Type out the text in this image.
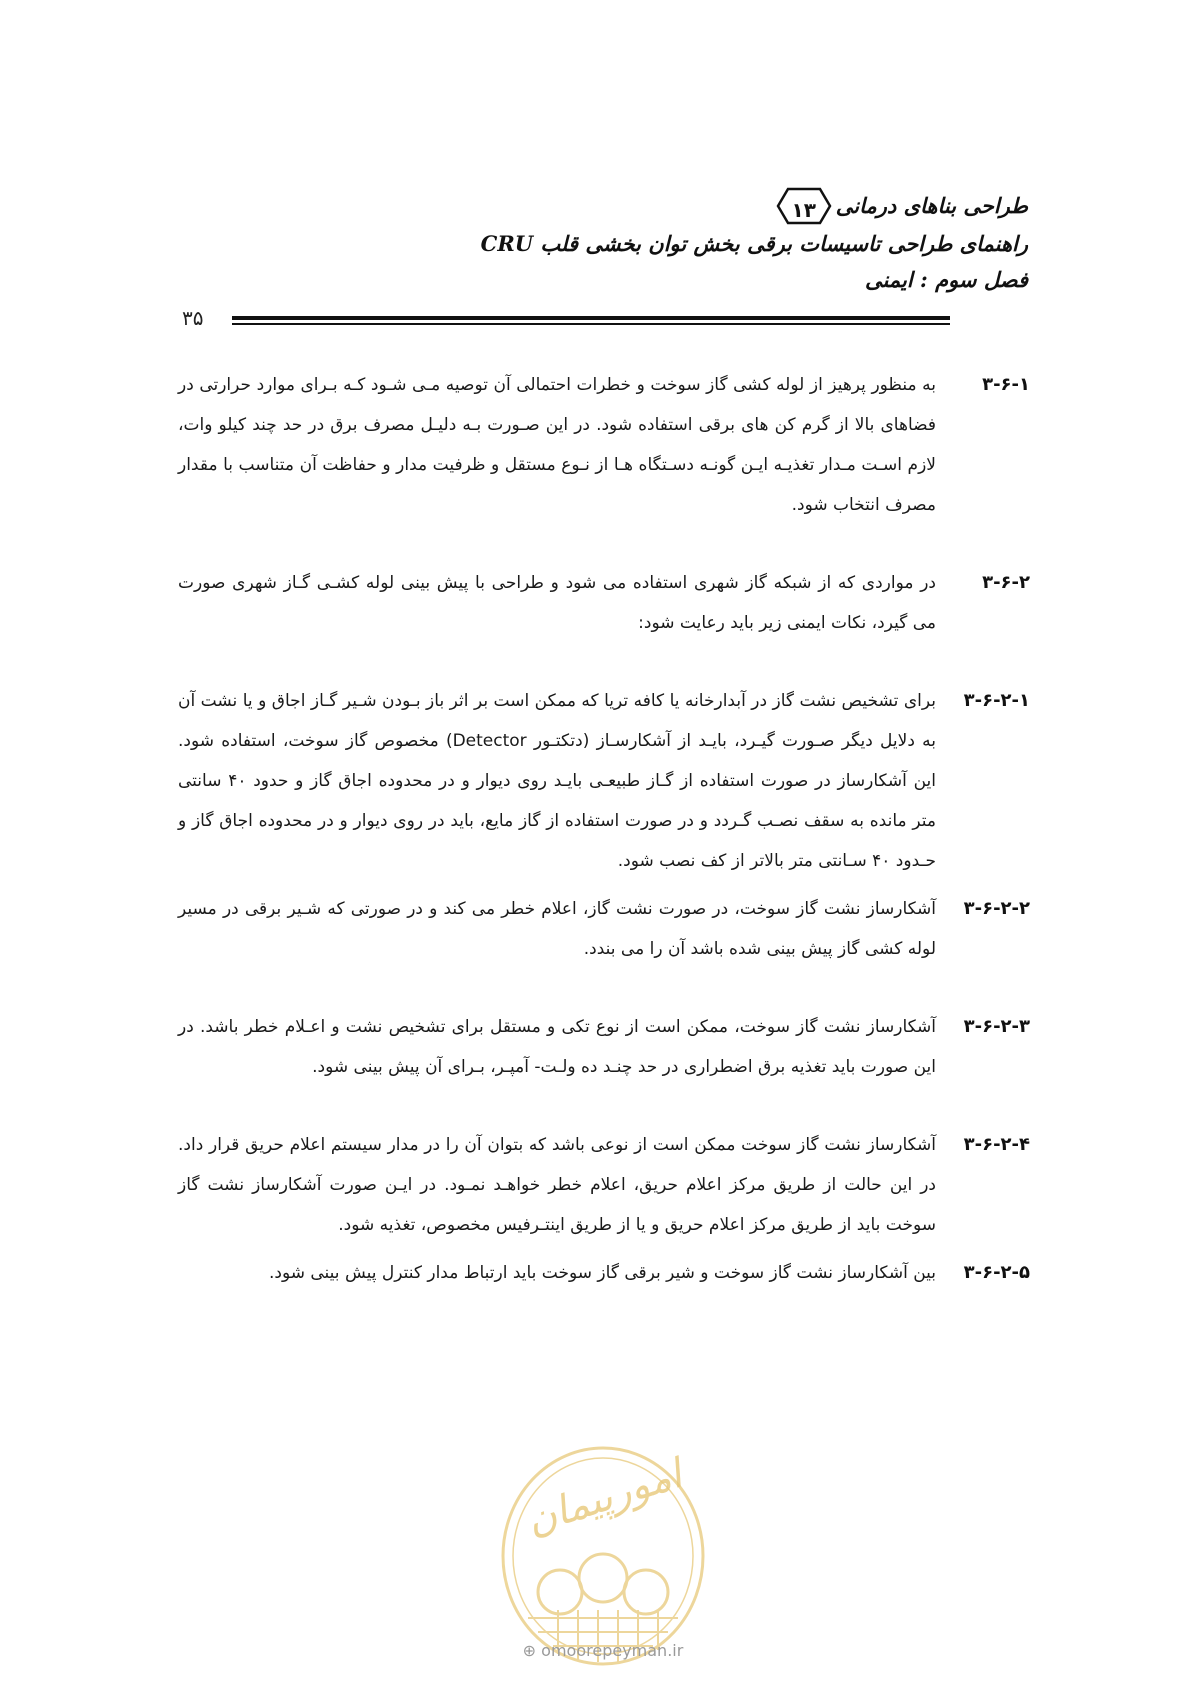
طراحی بناهای درمانی
۱۳
راهنمای طراحی تاسیسات برقی بخش توان بخشی قلب CRU
فصل سوم : ایمنی
۳۵
۳-۶-۱
به منظور پرهیز از لوله کشی گاز سوخت و خطرات احتمالی آن توصیه مـی شـود کـه بـرای موارد حرارتی در فضاهای بالا از گرم کن های برقی استفاده شود. در این صـورت بـه دلیـل مصرف برق در حد چند کیلو وات، لازم اسـت مـدار تغذیـه ایـن گونـه دسـتگاه هـا از نـوع مستقل و ظرفیت مدار و حفاظت آن متناسب با مقدار مصرف انتخاب شود.
۳-۶-۲
در مواردی که از شبکه گاز شهری استفاده می شود و طراحی با پیش بینی لوله کشـی گـاز شهری صورت می گیرد، نکات ایمنی زیر باید رعایت شود:
۳-۶-۲-۱
برای تشخیص نشت گاز در آبدارخانه یا کافه تریا که ممکن است بر اثر باز بـودن شـیر گـاز اجاق و یا نشت آن به دلایل دیگر صـورت گیـرد، بایـد از آشکارسـاز (دتکتـور Detector) مخصوص گاز سوخت، استفاده شود. این آشکارساز در صورت استفاده از گـاز طبیعـی بایـد روی دیوار و در محدوده اجاق گاز و حدود ۴۰ سانتی متر مانده به سقف نصـب گـردد و در صورت استفاده از گاز مایع، باید در روی دیوار و در محدوده اجاق گاز و حـدود ۴۰ سـانتی متر بالاتر از کف نصب شود.
۳-۶-۲-۲
آشکارساز نشت گاز سوخت، در صورت نشت گاز، اعلام خطر می کند و در صورتی که شـیر برقی در مسیر لوله کشی گاز پیش بینی شده باشد آن را می بندد.
۳-۶-۲-۳
آشکارساز نشت گاز سوخت، ممکن است از نوع تکی و مستقل برای تشخیص نشت و اعـلام خطر باشد. در این صورت باید تغذیه برق اضطراری در حد چنـد ده ولـت- آمپـر، بـرای آن پیش بینی شود.
۳-۶-۲-۴
آشکارساز نشت گاز سوخت ممکن است از نوعی باشد که بتوان آن را در مدار سیستم اعلام حریق قرار داد. در این حالت از طریق مرکز اعلام حریق، اعلام خطر خواهـد نمـود. در ایـن صورت آشکارساز نشت گاز سوخت باید از طریق مرکز اعلام حریق و یا از طریق اینتـرفیس مخصوص، تغذیه شود.
۳-۶-۲-۵
بین آشکارساز نشت گاز سوخت و شیر برقی گاز سوخت باید ارتباط مدار کنترل پیش بینی شود.
امورپیمان
⊕ omoorepeyman.ir
